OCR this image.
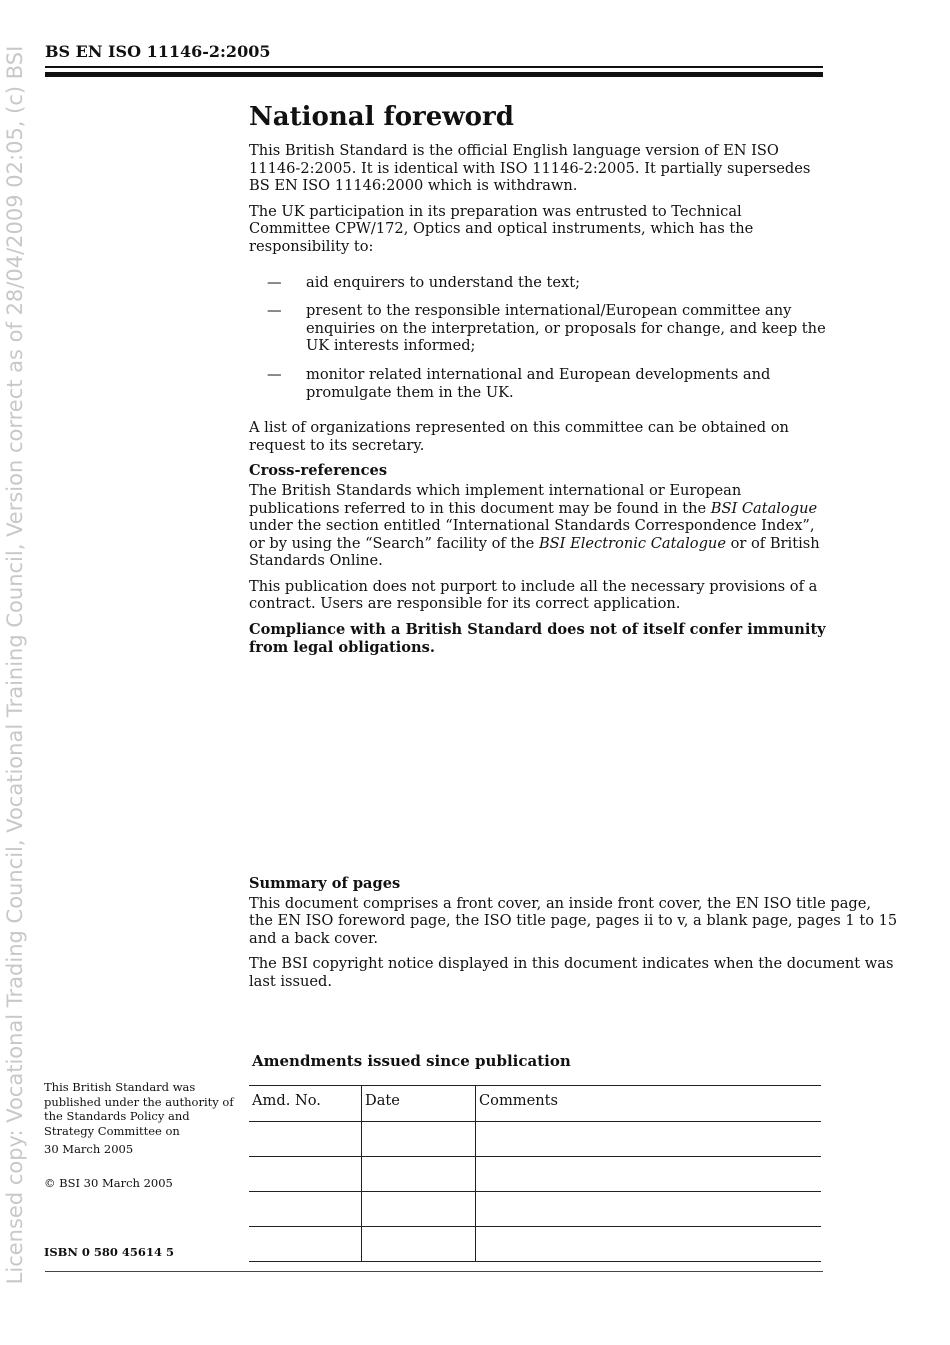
Licensed copy: Vocational Trading Council, Vocational Training Council, Version correct as of 28/04/2009 02:05, (c) BSI BS EN ISO 11146-2:2005
National foreword

This British Standard is the official English language version of EN ISO 11146-2:2005. It is identical with ISO 11146-2:2005. It partially supersedes BS EN ISO 11146:2000 which is withdrawn.

The UK participation in its preparation was entrusted to Technical Committee CPW/172, Optics and optical instruments, which has the responsibility to:

— aid enquirers to understand the text;
— present to the responsible international/European committee any enquiries on the interpretation, or proposals for change, and keep the UK interests informed;
— monitor related international and European developments and promulgate them in the UK.

A list of organizations represented on this committee can be obtained on request to its secretary.

Cross-references

The British Standards which implement international or European publications referred to in this document may be found in the BSI Catalogue under the section entitled “International Standards Correspondence Index”, or by using the “Search” facility of the BSI Electronic Catalogue or of British Standards Online.

This publication does not purport to include all the necessary provisions of a contract. Users are responsible for its correct application.

Compliance with a British Standard does not of itself confer immunity from legal obligations.

Summary of pages

This document comprises a front cover, an inside front cover, the EN ISO title page, the EN ISO foreword page, the ISO title page, pages ii to v, a blank page, pages 1 to 15 and a back cover.

The BSI copyright notice displayed in this document indicates when the document was last issued.

Amendments issued since publication
Amd. No.	Date	Comments

This British Standard was published under the authority of the Standards Policy and Strategy Committee on
30 March 2005
© BSI 30 March 2005
ISBN 0 580 45614 5
